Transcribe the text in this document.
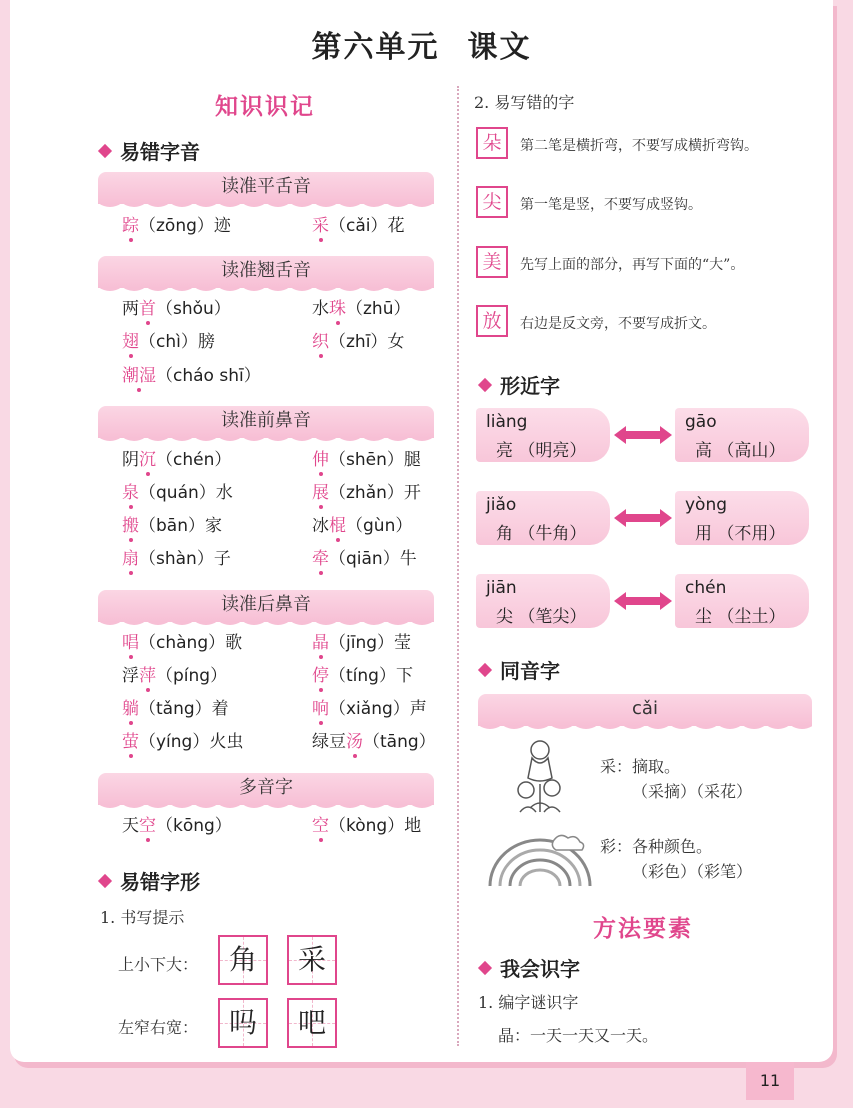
第六单元 课文
知识识记
易错字音
读准平舌音
踪（zōng）迹	采（cǎi）花
读准翘舌音
两首（shǒu）	水珠（zhū）
翅（chì）膀	织（zhī）女
潮湿（cháo shī）
读准前鼻音
阴沉（chén）	伸（shēn）腿
泉（quán）水	展（zhǎn）开
搬（bān）家	冰棍（gùn）
扇（shàn）子	牵（qiān）牛
读准后鼻音
唱（chàng）歌	晶（jīng）莹
浮萍（píng）	停（tíng）下
躺（tǎng）着	响（xiǎng）声
萤（yíng）火虫	绿豆汤（tāng）
多音字
天空（kōng）	空（kòng）地
易错字形
1. 书写提示
上小下大：	角	采
左窄右宽：	吗	吧
2. 易写错的字
朵	第二笔是横折弯，不要写成横折弯钩。
尖	第一笔是竖，不要写成竖钩。
美	先写上面的部分，再写下面的“大”。
放	右边是反文旁，不要写成折文。
形近字
liàng
亮 （明亮）
gāo
高 （高山）
jiǎo
角 （牛角）
yòng
用 （不用）
jiān
尖 （笔尖）
chén
尘 （尘土）
同音字
cǎi
采：摘取。
（采摘）（采花）
彩：各种颜色。
（彩色）（彩笔）
方法要素
我会识字
1. 编字谜识字
晶：一天一天又一天。
11
